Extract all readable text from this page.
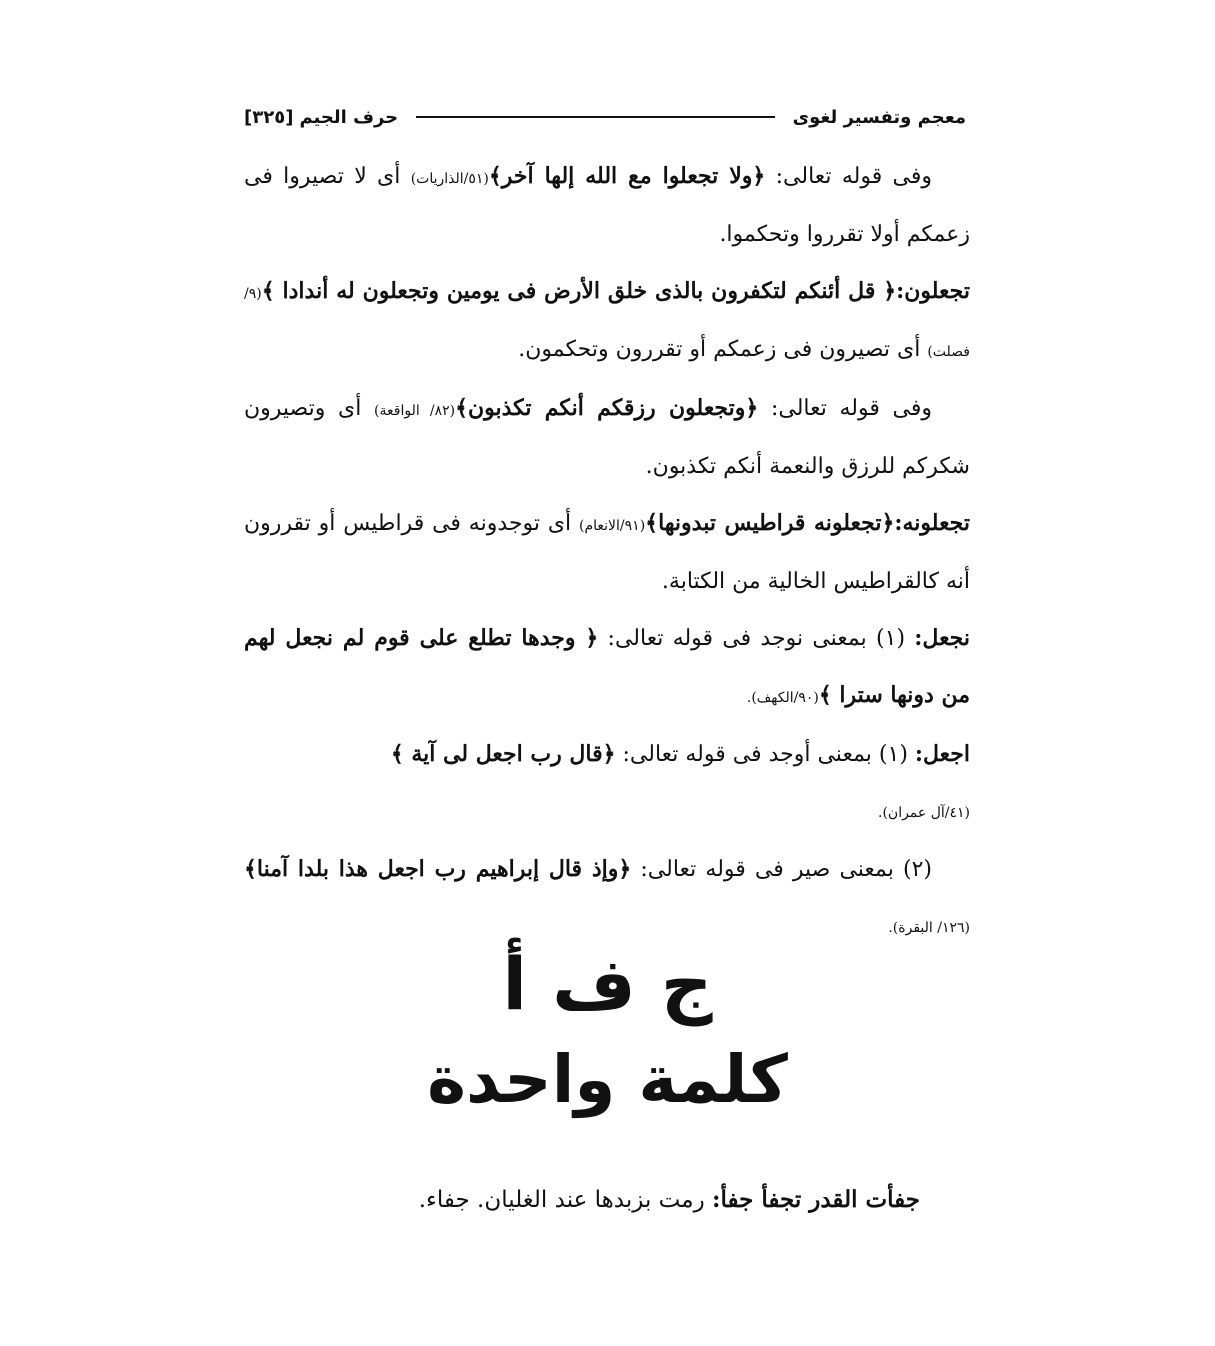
معجم وتفسير لغوى
حرف الجيم
[٣٢٥]

وفى قوله تعالى: ﴿ولا تجعلوا مع الله إلها آخر﴾(٥١/الذاريات) أى لا تصيروا فى زعمكم أولا تقرروا وتحكموا.

تجعلون:﴿ قل أئنكم لتكفرون بالذى خلق الأرض فى يومين وتجعلون له أندادا ﴾(٩/ فصلت) أى تصيرون فى زعمكم أو تقررون وتحكمون.

وفى قوله تعالى: ﴿وتجعلون رزقكم أنكم تكذبون﴾(٨٢/ الواقعة) أى وتصيرون شكركم للرزق والنعمة أنكم تكذبون.

تجعلونه:﴿تجعلونه قراطيس تبدونها﴾(٩١/الانعام) أى توجدونه فى قراطيس أو تقررون أنه كالقراطيس الخالية من الكتابة.

نجعل: (١) بمعنى نوجد فى قوله تعالى: ﴿ وجدها تطلع على قوم لم نجعل لهم من دونها سترا ﴾(٩٠/الكهف).

اجعل: (١) بمعنى أوجد فى قوله تعالى: ﴿قال رب اجعل لى آية ﴾
(٤١/آل عمران).

(٢) بمعنى صير فى قوله تعالى: ﴿وإذ قال إبراهيم رب اجعل هذا بلدا آمنا﴾(١٢٦/ البقرة).

ج ف أ
كلمة واحدة
جفأت القدر تجفأ جفأ: رمت بزبدها عند الغليان. جفاء.
